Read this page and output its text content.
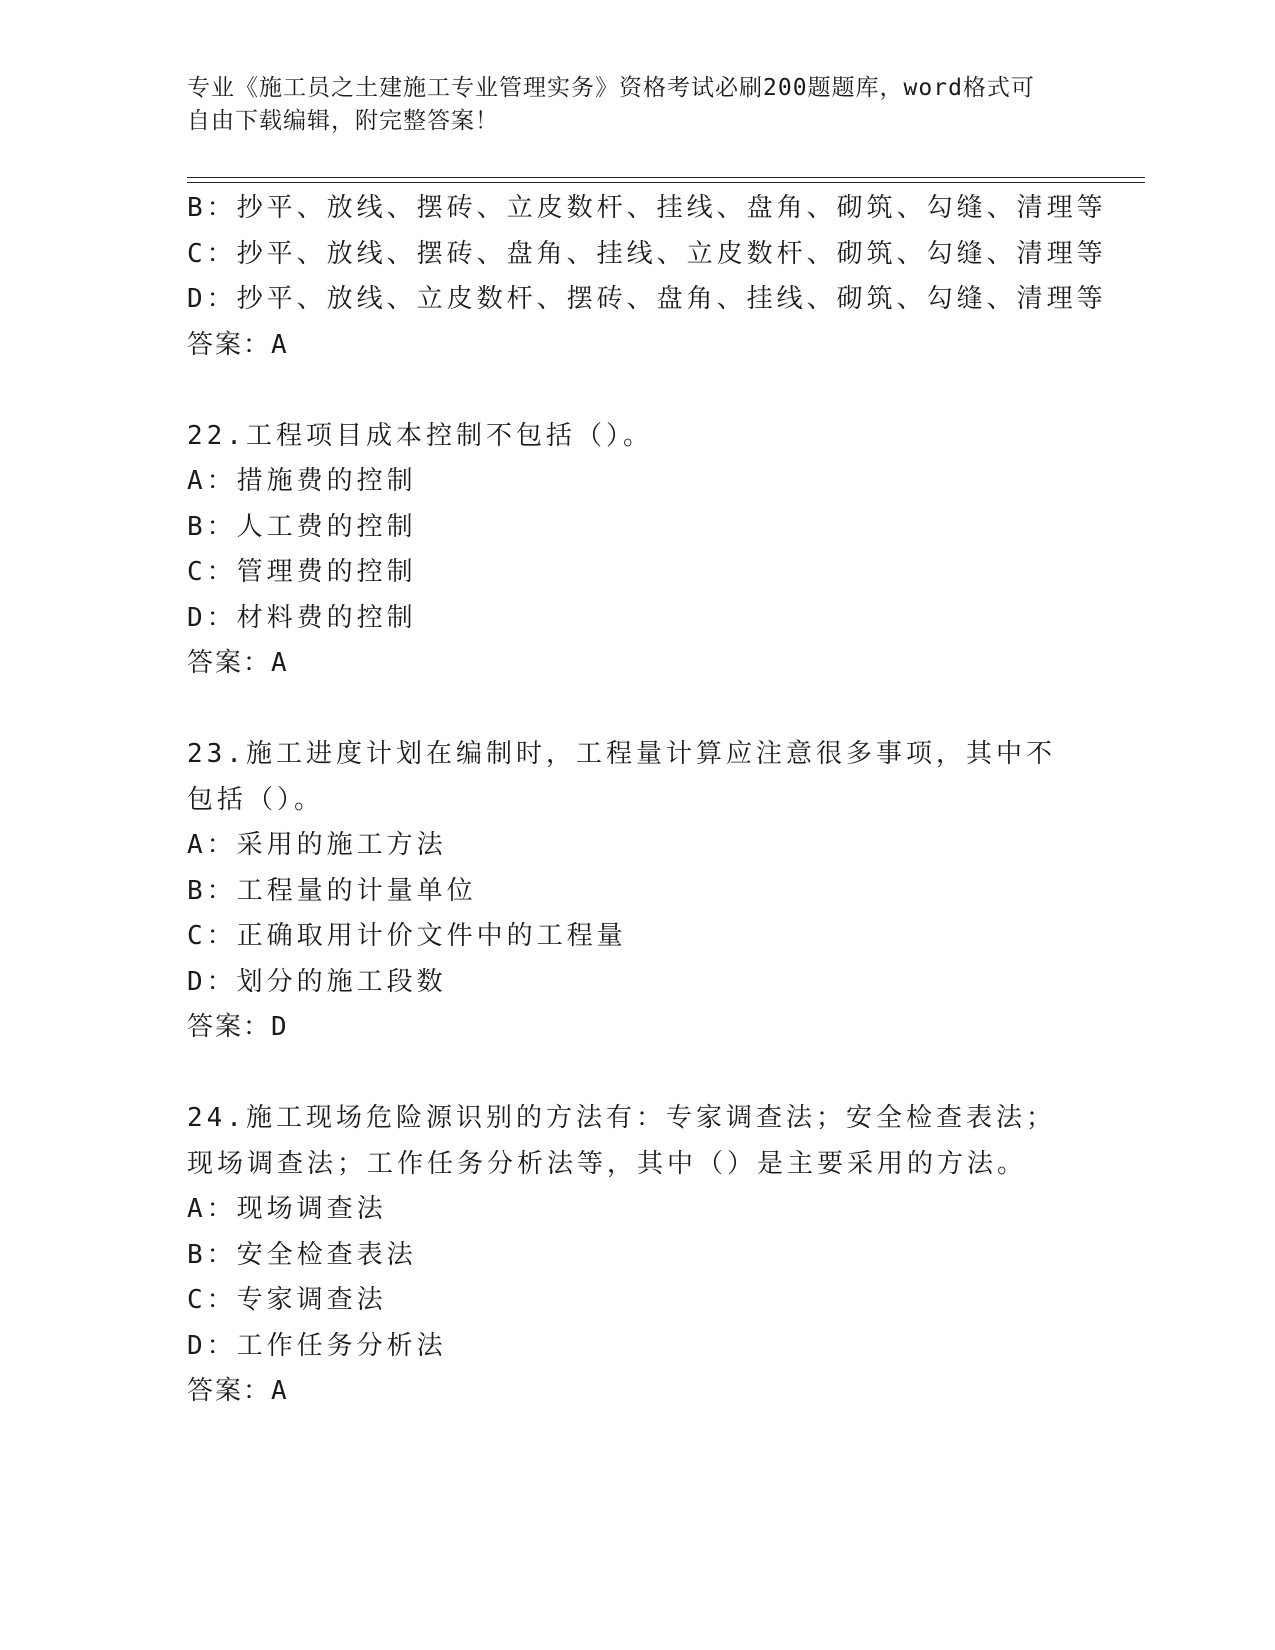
专业《施工员之土建施工专业管理实务》资格考试必刷200题题库，word格式可
自由下载编辑，附完整答案！
B：抄平、放线、摆砖、立皮数杆、挂线、盘角、砌筑、勾缝、清理等
C：抄平、放线、摆砖、盘角、挂线、立皮数杆、砌筑、勾缝、清理等
D：抄平、放线、立皮数杆、摆砖、盘角、挂线、砌筑、勾缝、清理等
答案：A
22.工程项目成本控制不包括（）。
A：措施费的控制
B：人工费的控制
C：管理费的控制
D：材料费的控制
答案：A
23.施工进度计划在编制时，工程量计算应注意很多事项，其中不包括（）。
A：采用的施工方法
B：工程量的计量单位
C：正确取用计价文件中的工程量
D：划分的施工段数
答案：D
24.施工现场危险源识别的方法有：专家调查法；安全检查表法；现场调查法；工作任务分析法等，其中（）是主要采用的方法。
A：现场调查法
B：安全检查表法
C：专家调查法
D：工作任务分析法
答案：A
